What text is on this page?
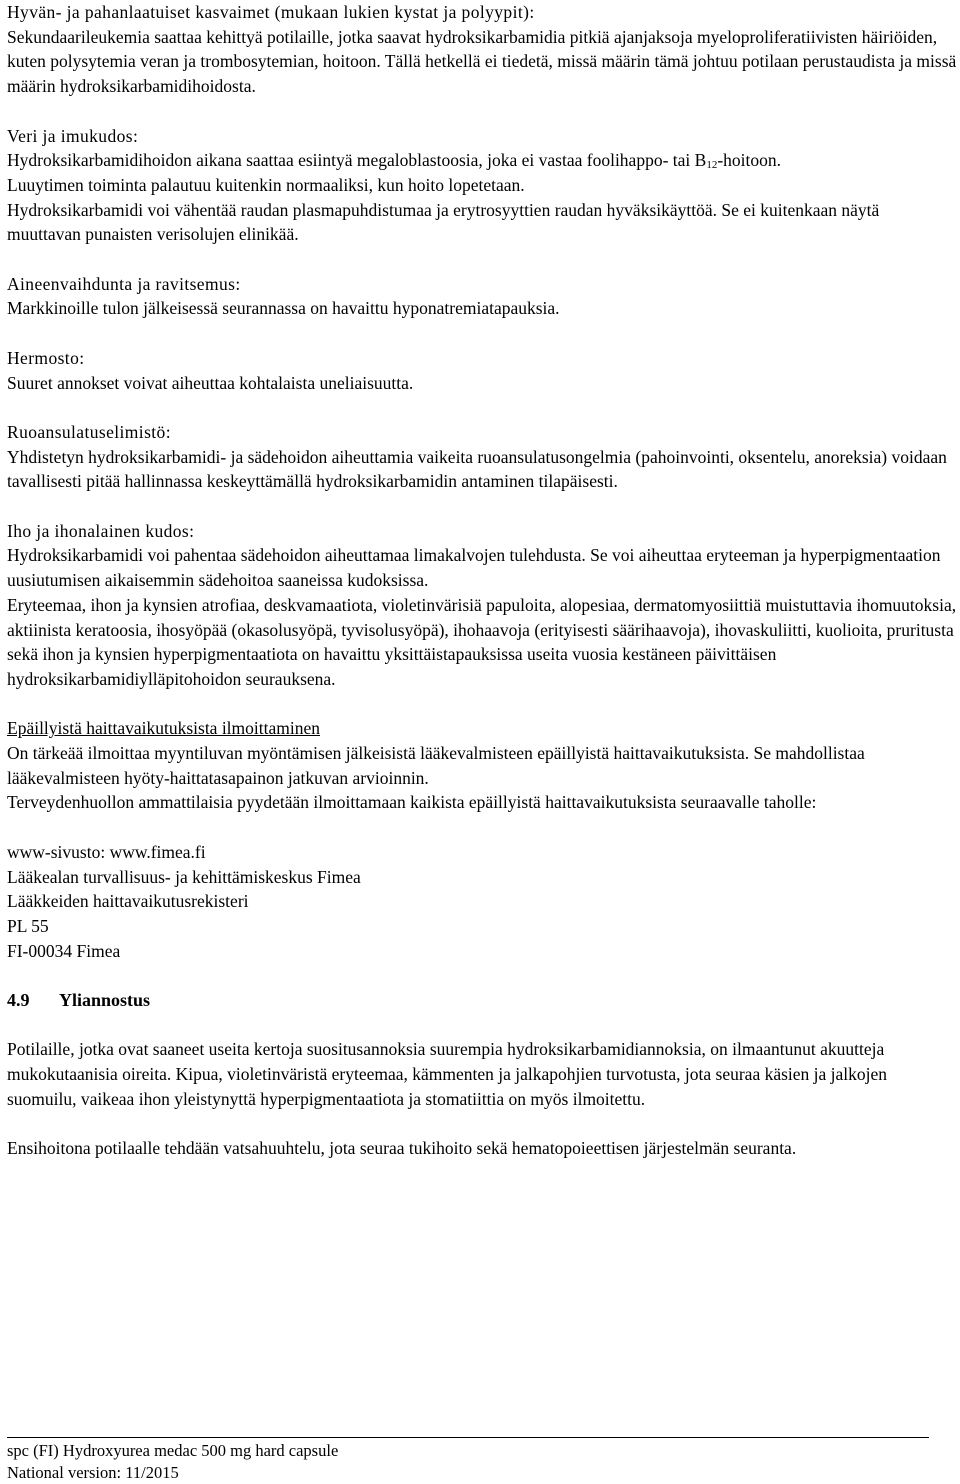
Hyvän- ja pahanlaatuiset kasvaimet (mukaan lukien kystat ja polyypit):

Sekundaarileukemia saattaa kehittyä potilaille, jotka saavat hydroksikarbamidia pitkiä ajanjaksoja myeloproliferatiivisten häiriöiden, kuten polysytemia veran ja trombosytemian, hoitoon. Tällä hetkellä ei tiedetä, missä määrin tämä johtuu potilaan perustaudista ja missä määrin hydroksikarbamidihoidosta.

Veri ja imukudos:

Hydroksikarbamidihoidon aikana saattaa esiintyä megaloblastoosia, joka ei vastaa foolihappo- tai $B_{12}$-hoitoon.

Luuytimen toiminta palautuu kuitenkin normaaliksi, kun hoito lopetetaan.

Hydroksikarbamidi voi vähentää raudan plasmapuhdistumaa ja erytrosyyttien raudan hyväksikäyttöä. Se ei kuitenkaan näytä muuttavan punaisten verisolujen elinikää.

Aineenvaihdunta ja ravitsemus:

Markkinoille tulon jälkeisessä seurannassa on havaittu hyponatremiatapauksia.

Hermosto:

Suuret annokset voivat aiheuttaa kohtalaista uneliaisuutta.

Ruoansulatuselimistö:

Yhdistetyn hydroksikarbamidi- ja sädehoidon aiheuttamia vaikeita ruoansulatusongelmia (pahoinvointi, oksentelu, anoreksia) voidaan tavallisesti pitää hallinnassa keskeyttämällä hydroksikarbamidin antaminen tilapäisesti.

Iho ja ihonalainen kudos:

Hydroksikarbamidi voi pahentaa sädehoidon aiheuttamaa limakalvojen tulehdusta. Se voi aiheuttaa eryteeman ja hyperpigmentaation uusiutumisen aikaisemmin sädehoitoa saaneissa kudoksissa.

Eryteemaa, ihon ja kynsien atrofiaa, deskvamaatiota, violetinvärisiä papuloita, alopesiaa, dermatomyosiittiä muistuttavia ihomuutoksia, aktiinista keratoosia, ihosyöpää (okasolusyöpä, tyvisolusyöpä), ihohaavoja (erityisesti säärihaavoja), ihovaskuliitti, kuolioita, pruritusta sekä ihon ja kynsien hyperpigmentaatiota on havaittu yksittäistapauksissa useita vuosia kestäneen päivittäisen hydroksikarbamidiylläpitohoidon seurauksena.

Epäillyistä haittavaikutuksista ilmoittaminen

On tärkeää ilmoittaa myyntiluvan myöntämisen jälkeisistä lääkevalmisteen epäillyistä haittavaikutuksista. Se mahdollistaa lääkevalmisteen hyöty-haittatasapainon jatkuvan arvioinnin.

Terveydenhuollon ammattilaisia pyydetään ilmoittamaan kaikista epäillyistä haittavaikutuksista seuraavalle taholle:

www-sivusto: www.fimea.fi

Lääkealan turvallisuus- ja kehittämiskeskus Fimea

Lääkkeiden haittavaikutusrekisteri

PL 55

FI-00034 Fimea

4.9 Yliannostus

Potilaille, jotka ovat saaneet useita kertoja suositusannoksia suurempia hydroksikarbamidiannoksia, on ilmaantunut akuutteja mukokutaanisia oireita. Kipua, violetinväristä eryteemaa, kämmenten ja jalkapohjien turvotusta, jota seuraa käsien ja jalkojen suomuilu, vaikeaa ihon yleistynyttä hyperpigmentaatiota ja stomatiittia on myös ilmoitettu.

Ensihoitona potilaalle tehdään vatsahuuhtelu, jota seuraa tukihoito sekä hematopoieettisen järjestelmän seuranta.

spc (FI) Hydroxyurea medac 500 mg hard capsule
National version: 11/2015
